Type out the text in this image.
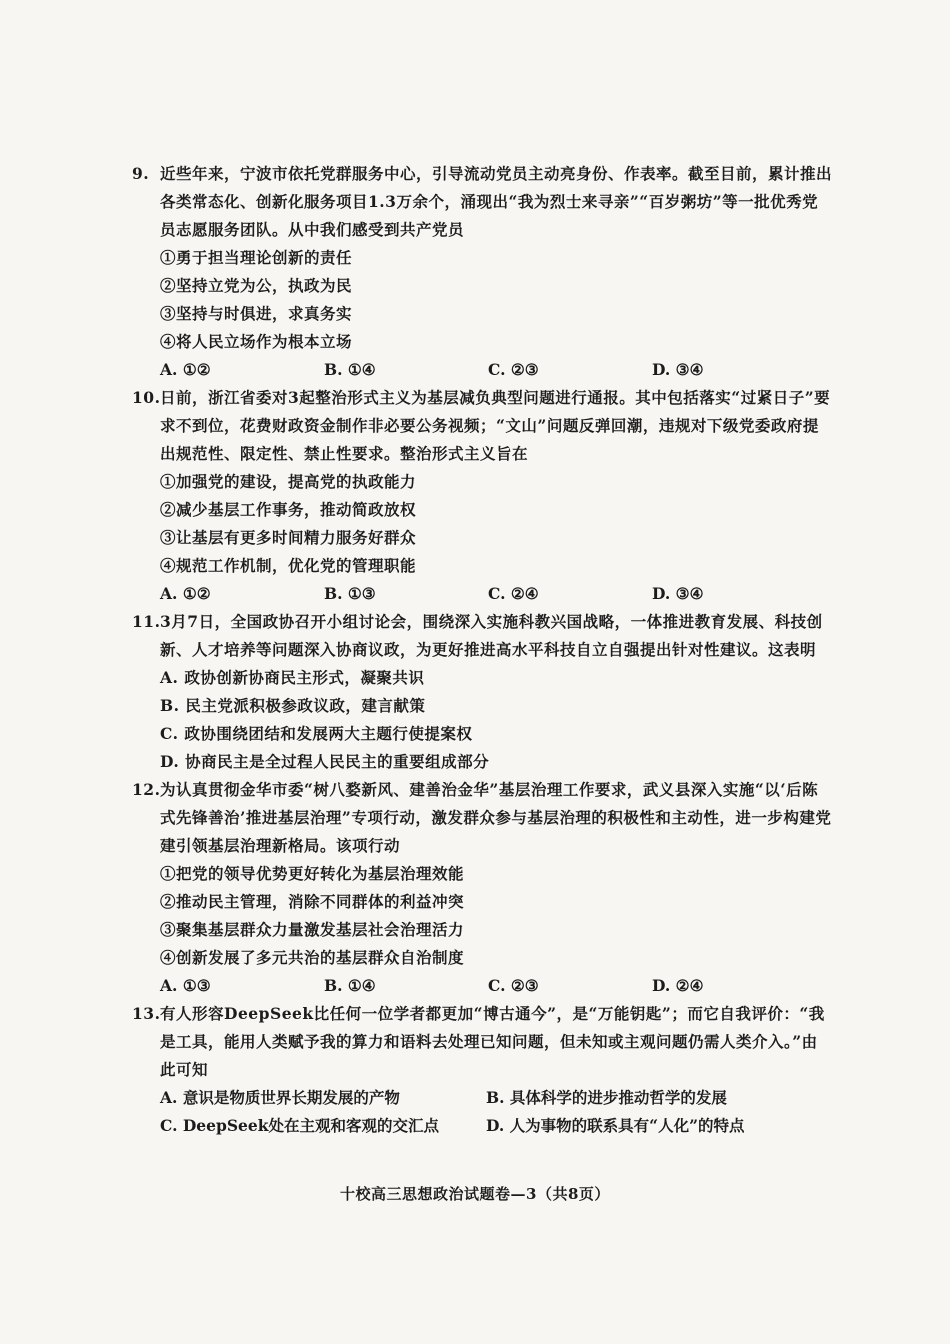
9. 近些年来，宁波市依托党群服务中心，引导流动党员主动亮身份、作表率。截至目前，累计推出各类常态化、创新化服务项目1.3万余个，涌现出“我为烈士来寻亲”“百岁粥坊”等一批优秀党员志愿服务团队。从中我们感受到共产党员
①勇于担当理论创新的责任
②坚持立党为公，执政为民
③坚持与时俱进，求真务实
④将人民立场作为根本立场
A. ①②	B. ①④	C. ②③	D. ③④
10. 日前，浙江省委对3起整治形式主义为基层减负典型问题进行通报。其中包括落实“过紧日子”要求不到位，花费财政资金制作非必要公务视频；“文山”问题反弹回潮，违规对下级党委政府提出规范性、限定性、禁止性要求。整治形式主义旨在
①加强党的建设，提高党的执政能力
②减少基层工作事务，推动简政放权
③让基层有更多时间精力服务好群众
④规范工作机制，优化党的管理职能
A. ①②	B. ①③	C. ②④	D. ③④
11. 3月7日，全国政协召开小组讨论会，围绕深入实施科教兴国战略，一体推进教育发展、科技创新、人才培养等问题深入协商议政，为更好推进高水平科技自立自强提出针对性建议。这表明
A. 政协创新协商民主形式，凝聚共识
B. 民主党派积极参政议政，建言献策
C. 政协围绕团结和发展两大主题行使提案权
D. 协商民主是全过程人民民主的重要组成部分
12. 为认真贯彻金华市委“树八婺新风、建善治金华”基层治理工作要求，武义县深入实施“以‘后陈式先锋善治’推进基层治理”专项行动，激发群众参与基层治理的积极性和主动性，进一步构建党建引领基层治理新格局。该项行动
①把党的领导优势更好转化为基层治理效能
②推动民主管理，消除不同群体的利益冲突
③聚集基层群众力量激发基层社会治理活力
④创新发展了多元共治的基层群众自治制度
A. ①③	B. ①④	C. ②③	D. ②④
13. 有人形容DeepSeek比任何一位学者都更加“博古通今”，是“万能钥匙”；而它自我评价：“我是工具，能用人类赋予我的算力和语料去处理已知问题，但未知或主观问题仍需人类介入。”由此可知
A. 意识是物质世界长期发展的产物	B. 具体科学的进步推动哲学的发展
C. DeepSeek处在主观和客观的交汇点	D. 人为事物的联系具有“人化”的特点
十校高三思想政治试题卷—3（共8页）
